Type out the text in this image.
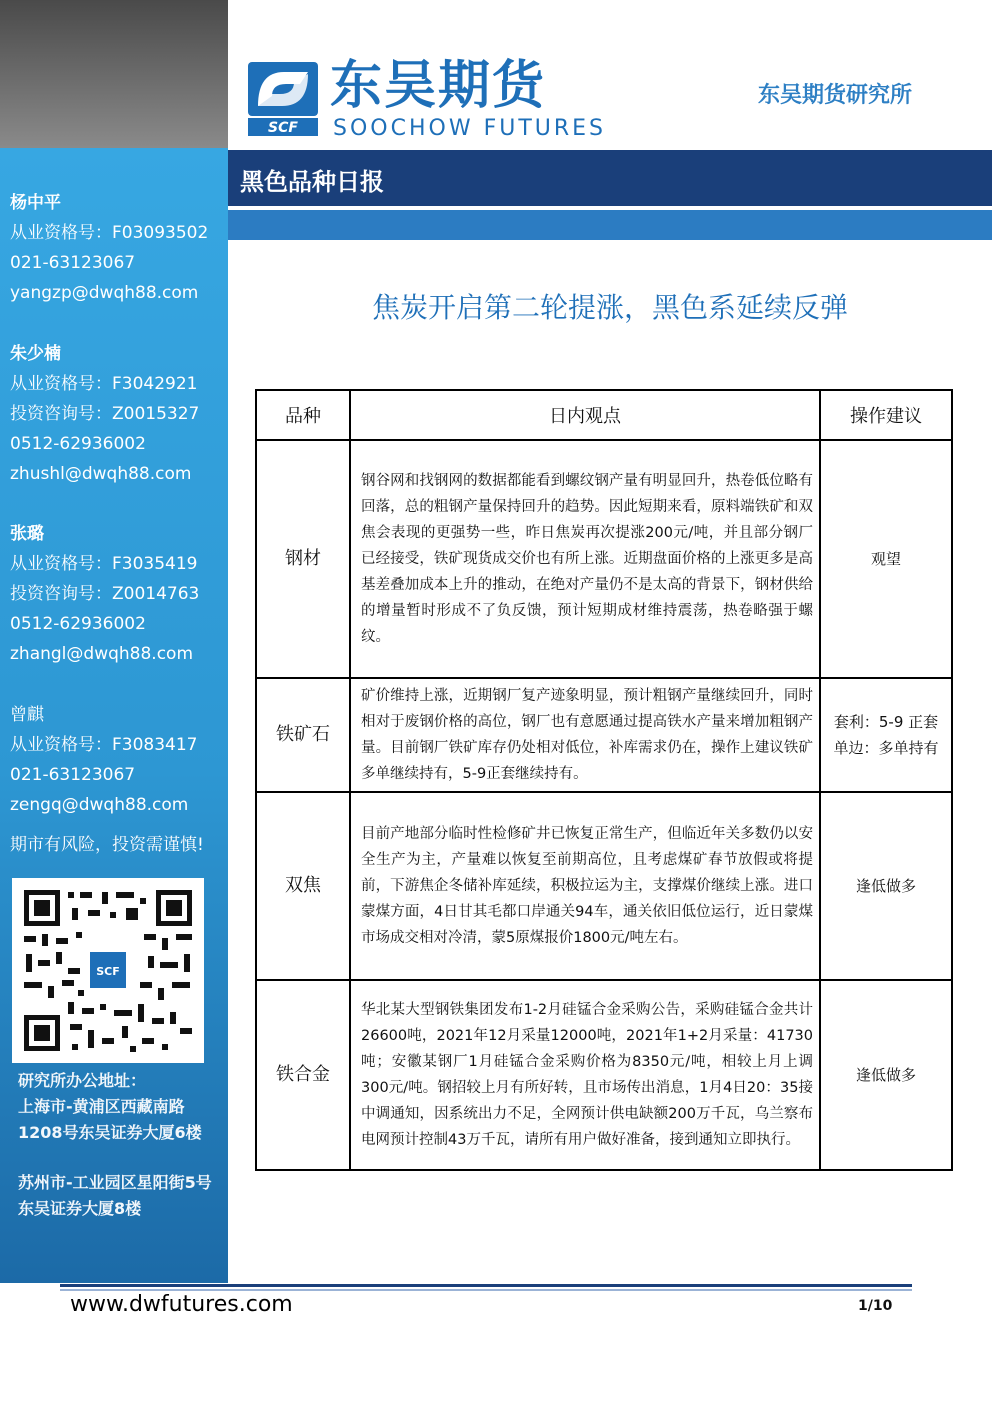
杨中平
从业资格号：F03093502
021-63123067
yangzp@dwqh88.com
朱少楠
从业资格号：F3042921
投资咨询号：Z0015327
0512-62936002
zhushl@dwqh88.com
张璐
从业资格号：F3035419
投资咨询号：Z0014763
0512-62936002
zhangl@dwqh88.com
曾麒
从业资格号：F3083417
021-63123067
zengq@dwqh88.com
期市有风险，投资需谨慎!
SCF
研究所办公地址：
上海市-黄浦区西藏南路1208号东吴证券大厦6楼
苏州市-工业园区星阳街5号东吴证券大厦8楼
SCF
东吴期货
SOOCHOW FUTURES
东吴期货研究所
黑色品种日报
焦炭开启第二轮提涨，黑色系延续反弹
品种	日内观点	操作建议
钢材	钢谷网和找钢网的数据都能看到螺纹钢产量有明显回升，热卷低位略有回落，总的粗钢产量保持回升的趋势。因此短期来看，原料端铁矿和双焦会表现的更强势一些，昨日焦炭再次提涨200元/吨，并且部分钢厂已经接受，铁矿现货成交价也有所上涨。近期盘面价格的上涨更多是高基差叠加成本上升的推动，在绝对产量仍不是太高的背景下，钢材供给的增量暂时形成不了负反馈，预计短期成材维持震荡，热卷略强于螺纹。	观望

铁矿石	矿价维持上涨，近期钢厂复产迹象明显，预计粗钢产量继续回升，同时相对于废钢价格的高位，钢厂也有意愿通过提高铁水产量来增加粗钢产量。目前钢厂铁矿库存仍处相对低位，补库需求仍在，操作上建议铁矿多单继续持有，5-9正套继续持有。	套利：5-9 正套
单边：多单持有

双焦	目前产地部分临时性检修矿井已恢复正常生产，但临近年关多数仍以安全生产为主，产量难以恢复至前期高位，且考虑煤矿春节放假或将提前，下游焦企冬储补库延续，积极拉运为主，支撑煤价继续上涨。进口蒙煤方面，4日甘其毛都口岸通关94车，通关依旧低位运行，近日蒙煤市场成交相对冷清，蒙5原煤报价1800元/吨左右。	逢低做多

铁合金	华北某大型钢铁集团发布1-2月硅锰合金采购公告，采购硅锰合金共计26600吨，2021年12月采量12000吨，2021年1+2月采量：41730吨；安徽某钢厂1月硅锰合金采购价格为8350元/吨，相较上月上调300元/吨。钢招较上月有所好转，且市场传出消息，1月4日20：35接中调通知，因系统出力不足，全网预计供电缺额200万千瓦，乌兰察布电网预计控制43万千瓦，请所有用户做好准备，接到通知立即执行。	逢低做多
www.dwfutures.com	1/10
